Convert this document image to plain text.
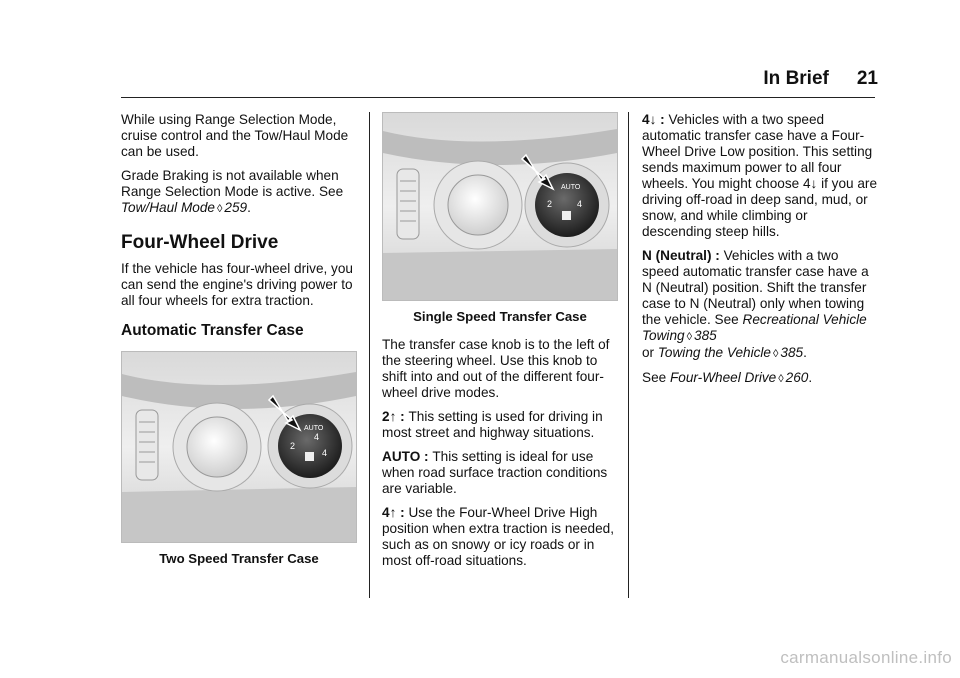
In Brief 21

While using Range Selection Mode, cruise control and the Tow/Haul Mode can be used.

Grade Braking is not available when Range Selection Mode is active. See Tow/Haul Mode ◊ 259.

Four-Wheel Drive

If the vehicle has four-wheel drive, you can send the engine's driving power to all four wheels for extra traction.

Automatic Transfer Case
AUTO
2
4
4
Two Speed Transfer Case
AUTO
2	4
Single Speed Transfer Case

The transfer case knob is to the left of the steering wheel. Use this knob to shift into and out of the different four-wheel drive modes.

2↑ : This setting is used for driving in most street and highway situations.

AUTO : This setting is ideal for use when road surface traction conditions are variable.

4↑ : Use the Four-Wheel Drive High position when extra traction is needed, such as on snowy or icy roads or in most off-road situations.

4↓ : Vehicles with a two speed automatic transfer case have a Four-Wheel Drive Low position. This setting sends maximum power to all four wheels. You might choose 4↓ if you are driving off-road in deep sand, mud, or snow, and while climbing or descending steep hills.

N (Neutral) : Vehicles with a two speed automatic transfer case have a N (Neutral) position. Shift the transfer case to N (Neutral) only when towing the vehicle. See Recreational Vehicle Towing ◊ 385
or Towing the Vehicle ◊ 385.

See Four-Wheel Drive ◊ 260.

carmanualsonline.info
